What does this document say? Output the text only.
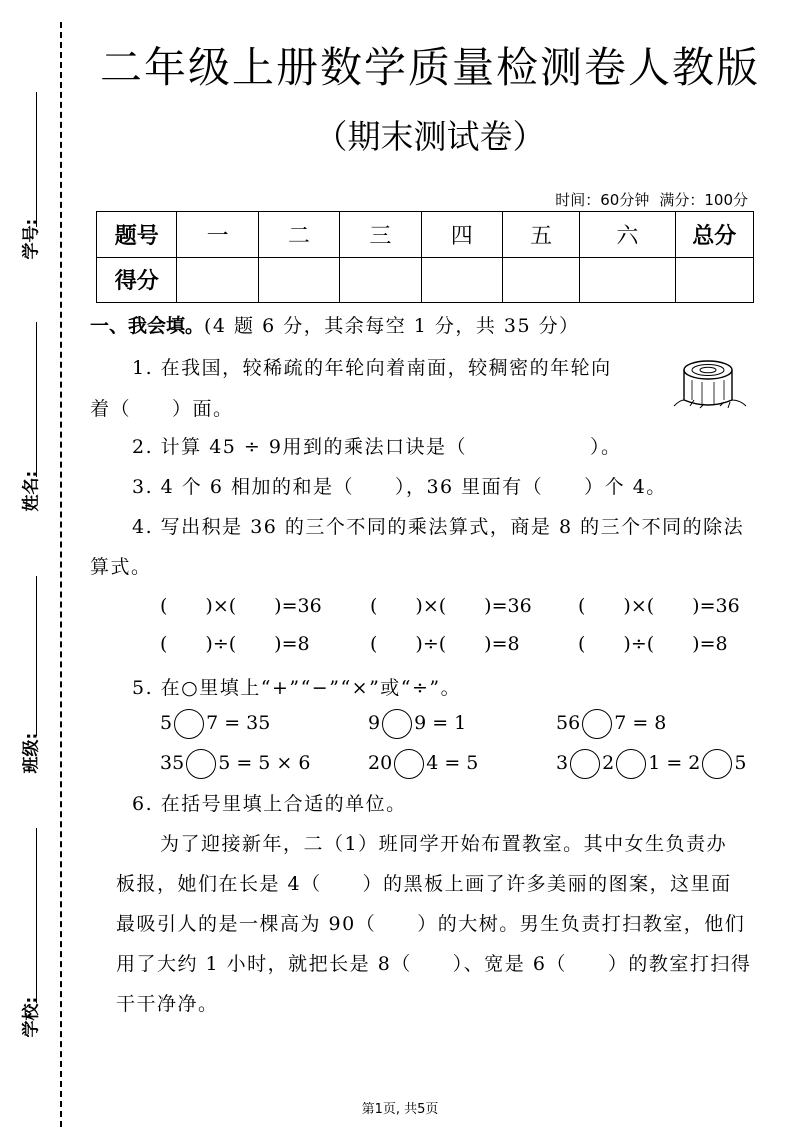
学号:
姓名:
班级:
学校:
二年级上册数学质量检测卷人教版
（期末测试卷）
时间：60分钟 满分：100分
题号	一	二	三	四	五	六	总分
得分							
一、我会填。(4 题 6 分，其余每空 1 分，共 35 分）
1. 在我国，较稀疏的年轮向着南面，较稠密的年轮向
着（　　）面。
2. 计算 45 ÷ 9用到的乘法口诀是（　　　　　　）。
3. 4 个 6 相加的和是（　　），36 里面有（　　）个 4。
4. 写出积是 36 的三个不同的乘法算式，商是 8 的三个不同的除法
算式。
(　　)×(　　)=36	(　　)×(　　)=36 (　　)×(　　)=36
(　　)÷(　　)=8	(　　)÷(　　)=8	(　　)÷(　　)=8
5. 在○里填上“+”“−”“×”或“÷”。
5 7 = 35	9 9 = 1	56 7 = 8
35 5 = 5 × 6	20 4 = 5	3 2 1 = 2 5
6. 在括号里填上合适的单位。
为了迎接新年，二（1）班同学开始布置教室。其中女生负责办
板报，她们在长是 4（　　）的黑板上画了许多美丽的图案，这里面
最吸引人的是一棵高为 90（　　）的大树。男生负责打扫教室，他们
用了大约 1 小时，就把长是 8（　　）、宽是 6（　　）的教室打扫得
干干净净。
第1页, 共5页
